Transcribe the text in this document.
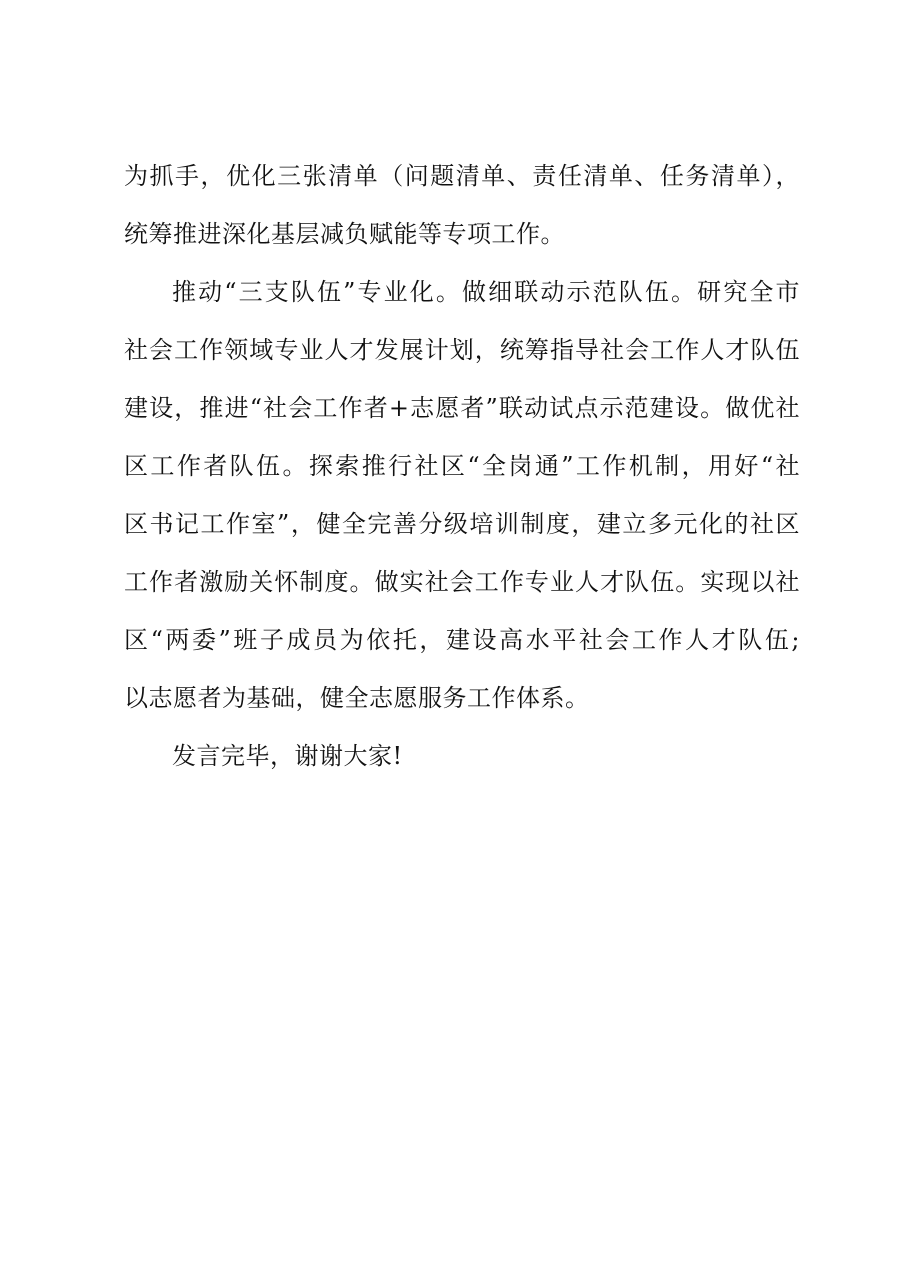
为抓手，优化三张清单（问题清单、责任清单、任务清单），
统筹推进深化基层减负赋能等专项工作。
推动“三支队伍”专业化。做细联动示范队伍。研究全市
社会工作领域专业人才发展计划，统筹指导社会工作人才队伍
建设，推进“社会工作者+志愿者”联动试点示范建设。做优社
区工作者队伍。探索推行社区“全岗通”工作机制，用好“社
区书记工作室”，健全完善分级培训制度，建立多元化的社区
工作者激励关怀制度。做实社会工作专业人才队伍。实现以社
区“两委”班子成员为依托，建设高水平社会工作人才队伍;
以志愿者为基础，健全志愿服务工作体系。
发言完毕，谢谢大家!
